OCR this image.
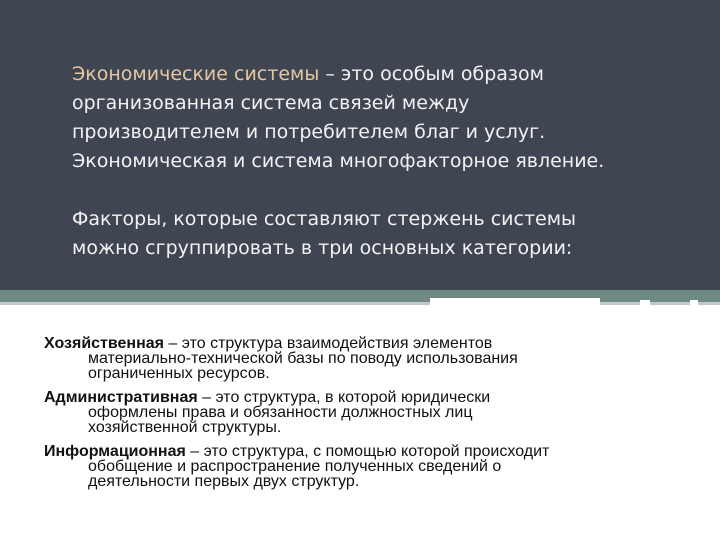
Экономические системы – это особым образом

организованная система связей между

производителем и потребителем благ и услуг.

Экономическая и система многофакторное явление.

Факторы, которые составляют стержень системы

можно сгруппировать в три основных категории:

Хозяйственная – это структура взаимодействия элементов
материально-технической базы по поводу использования
ограниченных ресурсов.
Административная – это структура, в которой юридически
оформлены права и обязанности должностных лиц
хозяйственной структуры.
Информационная – это структура, с помощью которой происходит
обобщение и распространение полученных сведений о
деятельности первых двух структур.
